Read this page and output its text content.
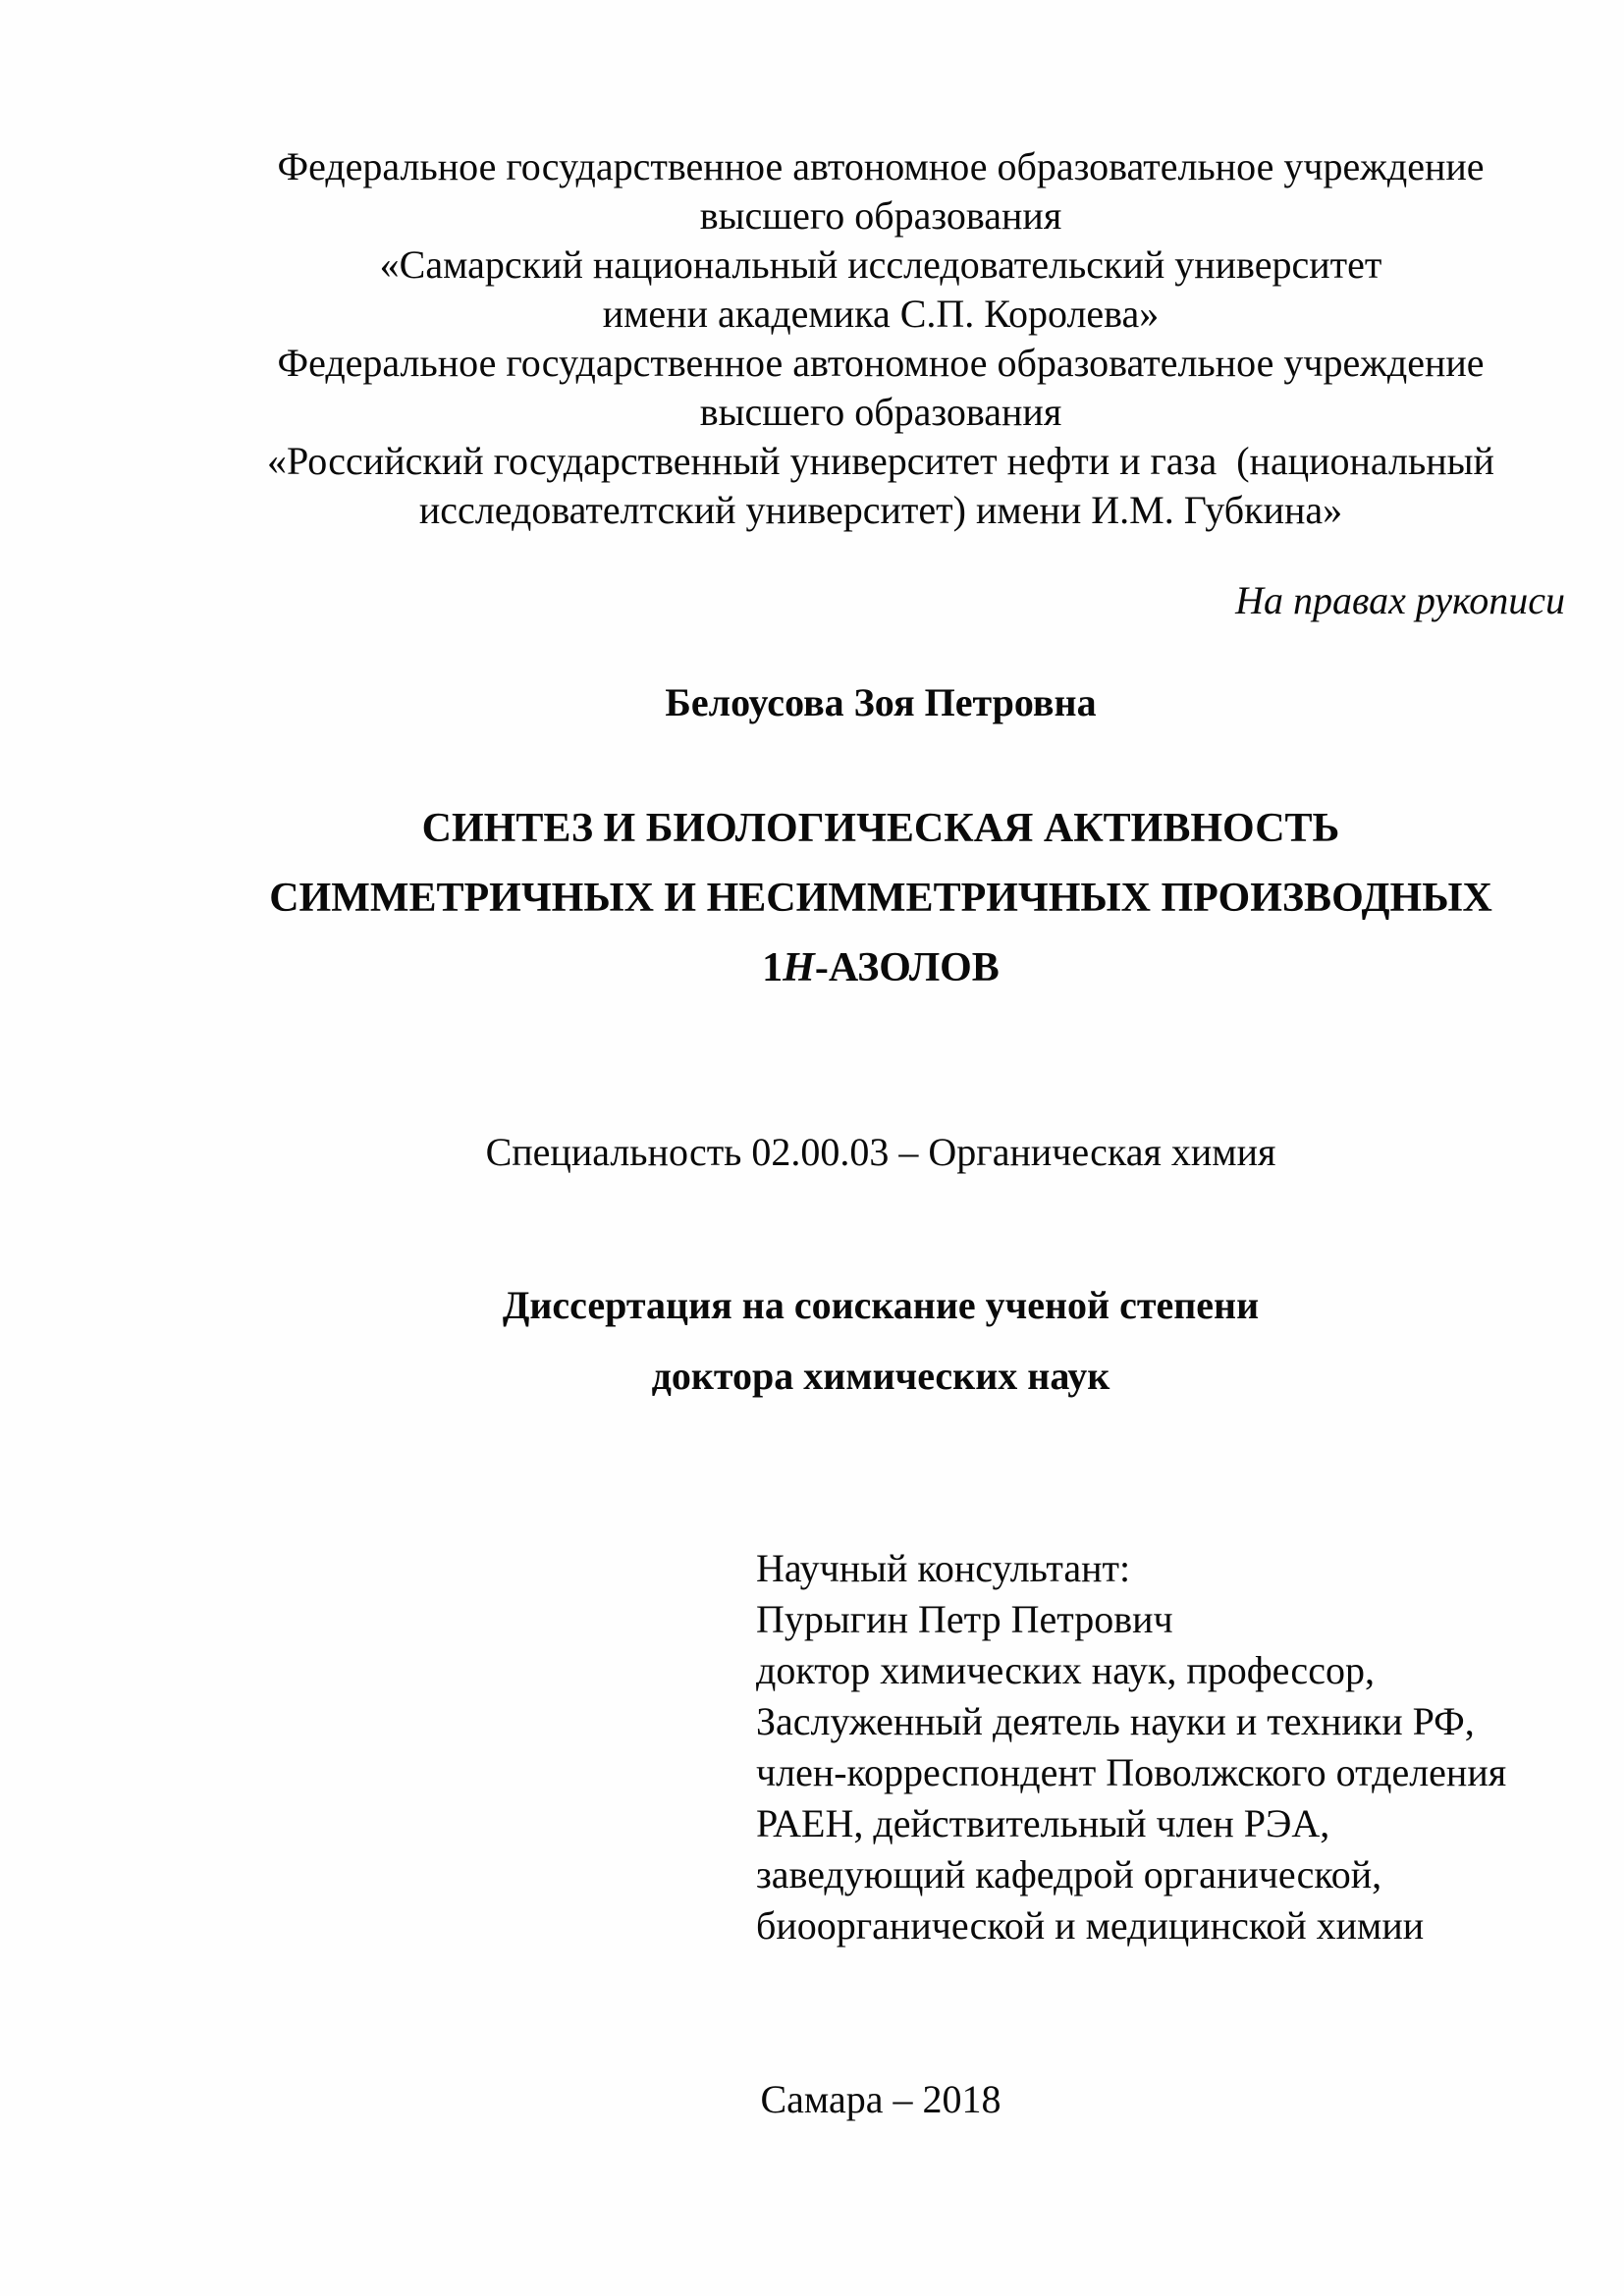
Федеральное государственное автономное образовательное учреждение
высшего образования
«Самарский национальный исследовательский университет
имени академика С.П. Королева»
Федеральное государственное автономное образовательное учреждение
высшего образования
«Российский государственный университет нефти и газа  (национальный
исследователтский университет) имени И.М. Губкина»
На правах рукописи
Белоусова Зоя Петровна
СИНТЕЗ И БИОЛОГИЧЕСКАЯ АКТИВНОСТЬ
СИММЕТРИЧНЫХ И НЕСИММЕТРИЧНЫХ ПРОИЗВОДНЫХ
1H-АЗОЛОВ
Специальность 02.00.03 – Органическая химия
Диссертация на соискание ученой степени
доктора химических наук
Научный консультант:
Пурыгин Петр Петрович
доктор химических наук, профессор,
Заслуженный деятель науки и техники РФ,
член-корреспондент Поволжского отделения
РАЕН, действительный член РЭА,
заведующий кафедрой органической,
биоорганической и медицинской химии
Самара – 2018
